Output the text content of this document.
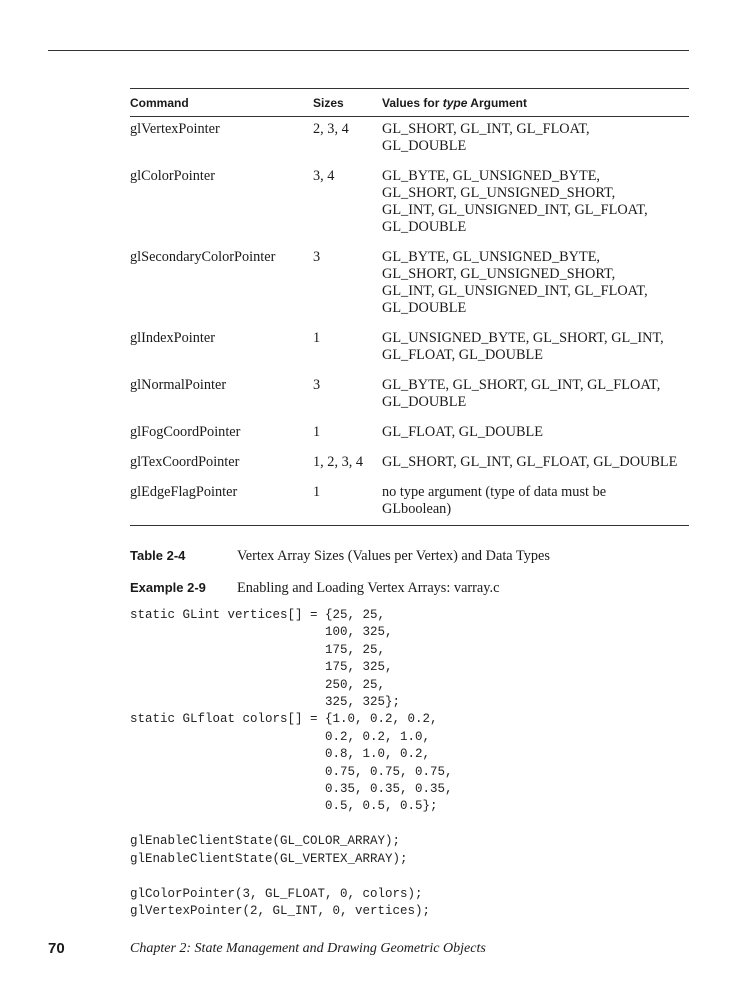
Command	Sizes	Values for type Argument
glVertexPointer	2, 3, 4	GL_SHORT, GL_INT, GL_FLOAT,
GL_DOUBLE
glColorPointer	3, 4	GL_BYTE, GL_UNSIGNED_BYTE,
GL_SHORT, GL_UNSIGNED_SHORT,
GL_INT, GL_UNSIGNED_INT, GL_FLOAT,
GL_DOUBLE
glSecondaryColorPointer	3	GL_BYTE, GL_UNSIGNED_BYTE,
GL_SHORT, GL_UNSIGNED_SHORT,
GL_INT, GL_UNSIGNED_INT, GL_FLOAT,
GL_DOUBLE
glIndexPointer	1	GL_UNSIGNED_BYTE, GL_SHORT, GL_INT,
GL_FLOAT, GL_DOUBLE
glNormalPointer	3	GL_BYTE, GL_SHORT, GL_INT, GL_FLOAT,
GL_DOUBLE
glFogCoordPointer	1	GL_FLOAT, GL_DOUBLE
glTexCoordPointer	1, 2, 3, 4	GL_SHORT, GL_INT, GL_FLOAT, GL_DOUBLE
glEdgeFlagPointer	1	no type argument (type of data must be
GLboolean)
Table 2-4	Vertex Array Sizes (Values per Vertex) and Data Types
Example 2-9 Enabling and Loading Vertex Arrays: varray.c
static GLint vertices[] = {25, 25,
100, 325,
175, 25,
175, 325,
250, 25,
325, 325};
static GLfloat colors[] = {1.0, 0.2, 0.2,
0.2, 0.2, 1.0,
0.8, 1.0, 0.2,
0.75, 0.75, 0.75,
0.35, 0.35, 0.35,
0.5, 0.5, 0.5};

glEnableClientState(GL_COLOR_ARRAY);
glEnableClientState(GL_VERTEX_ARRAY);

glColorPointer(3, GL_FLOAT, 0, colors);
glVertexPointer(2, GL_INT, 0, vertices);
70	Chapter 2: State Management and Drawing Geometric Objects
